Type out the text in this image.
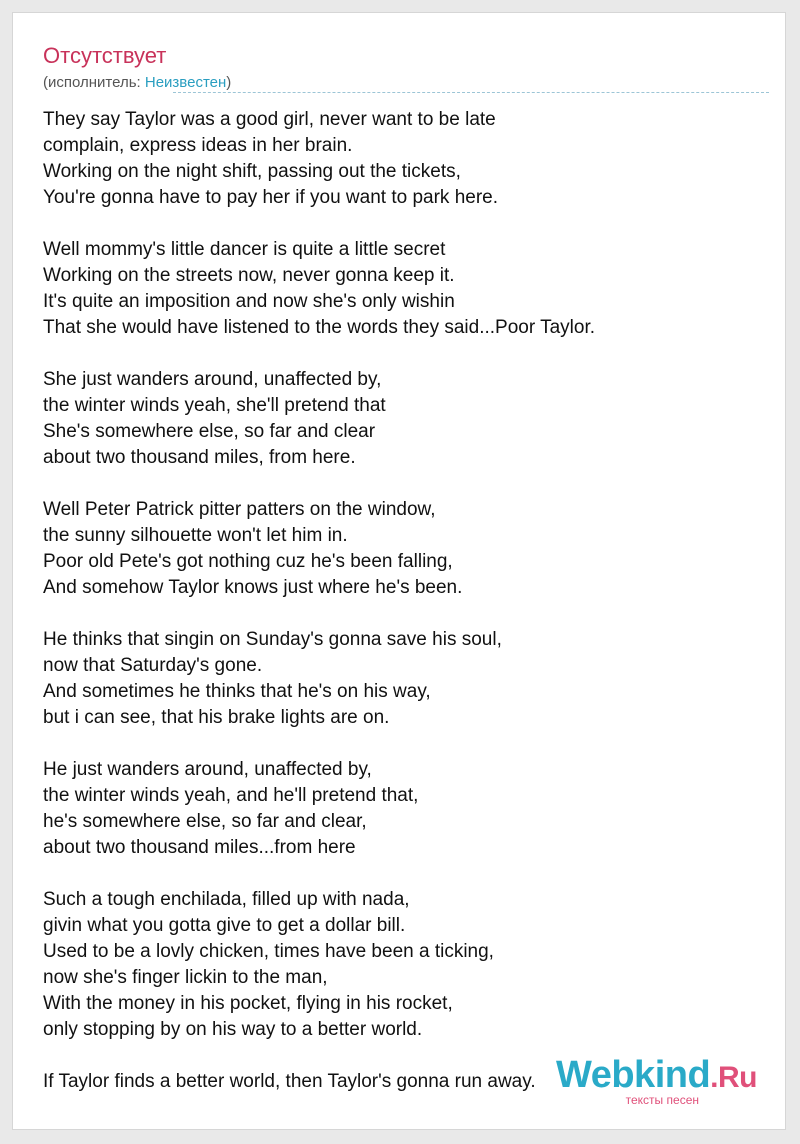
Отсутствует
(исполнитель: Неизвестен)
They say Taylor was a good girl, never want to be late
complain, express ideas in her brain.
Working on the night shift, passing out the tickets,
You're gonna have to pay her if you want to park here.
Well mommy's little dancer is quite a little secret
Working on the streets now, never gonna keep it.
It's quite an imposition and now she's only wishin
That she would have listened to the words they said...Poor Taylor.
She just wanders around, unaffected by,
the winter winds yeah, she'll pretend that
She's somewhere else, so far and clear
about two thousand miles, from here.
Well Peter Patrick pitter patters on the window,
the sunny silhouette won't let him in.
Poor old Pete's got nothing cuz he's been falling,
And somehow Taylor knows just where he's been.
He thinks that singin on Sunday's gonna save his soul,
now that Saturday's gone.
And sometimes he thinks that he's on his way,
but i can see, that his brake lights are on.
He just wanders around, unaffected by,
the winter winds yeah, and he'll pretend that,
he's somewhere else, so far and clear,
about two thousand miles...from here
Such a tough enchilada, filled up with nada,
givin what you gotta give to get a dollar bill.
Used to be a lovly chicken, times have been a ticking,
now she's finger lickin to the man,
With the money in his pocket, flying in his rocket,
only stopping by on his way to a better world.
If Taylor finds a better world, then Taylor's gonna run away. Webkind.Ru
тексты песен
